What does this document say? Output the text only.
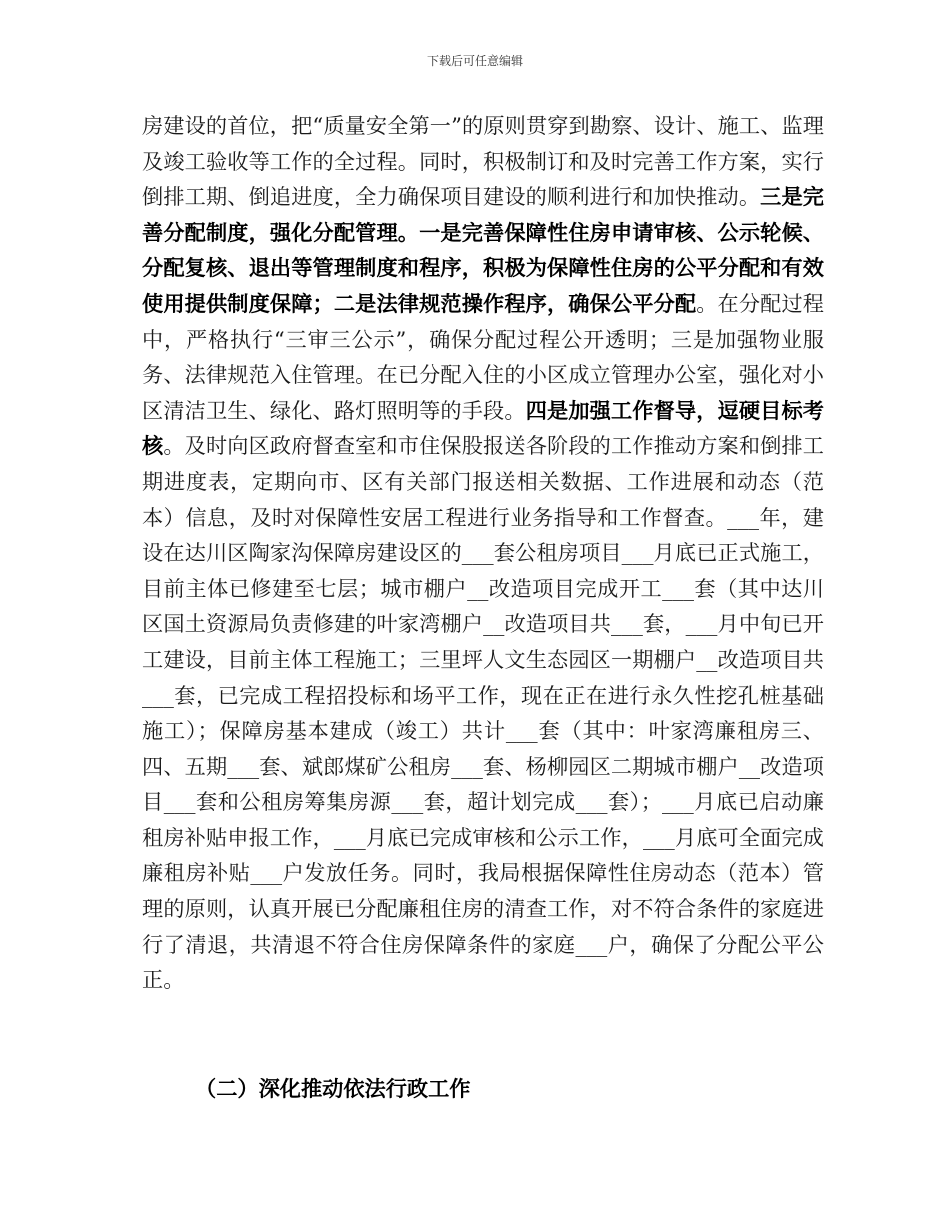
下载后可任意编辑

房建设的首位，把“质量安全第一”的原则贯穿到勘察、设计、施工、监理及竣工验收等工作的全过程。同时，积极制订和及时完善工作方案，实行倒排工期、倒追进度，全力确保项目建设的顺利进行和加快推动。三是完善分配制度，强化分配管理。一是完善保障性住房申请审核、公示轮候、分配复核、退出等管理制度和程序，积极为保障性住房的公平分配和有效使用提供制度保障；二是法律规范操作程序，确保公平分配。在分配过程中，严格执行“三审三公示”，确保分配过程公开透明；三是加强物业服务、法律规范入住管理。在已分配入住的小区成立管理办公室，强化对小区清洁卫生、绿化、路灯照明等的手段。四是加强工作督导，逗硬目标考核。及时向区政府督查室和市住保股报送各阶段的工作推动方案和倒排工期进度表，定期向市、区有关部门报送相关数据、工作进展和动态（范本）信息，及时对保障性安居工程进行业务指导和工作督查。___年，建设在达川区陶家沟保障房建设区的___套公租房项目___月底已正式施工，目前主体已修建至七层；城市棚户__改造项目完成开工___套（其中达川区国土资源局负责修建的叶家湾棚户__改造项目共___套，___月中旬已开工建设，目前主体工程施工；三里坪人文生态园区一期棚户__改造项目共___套，已完成工程招投标和场平工作，现在正在进行永久性挖孔桩基础施工）；保障房基本建成（竣工）共计___套（其中：叶家湾廉租房三、四、五期___套、斌郎煤矿公租房___套、杨柳园区二期城市棚户__改造项目___套和公租房筹集房源___套，超计划完成___套）；___月底已启动廉租房补贴申报工作，___月底已完成审核和公示工作，___月底可全面完成廉租房补贴___户发放任务。同时，我局根据保障性住房动态（范本）管理的原则，认真开展已分配廉租住房的清查工作，对不符合条件的家庭进行了清退，共清退不符合住房保障条件的家庭___户，确保了分配公平公正。

（二）深化推动依法行政工作
